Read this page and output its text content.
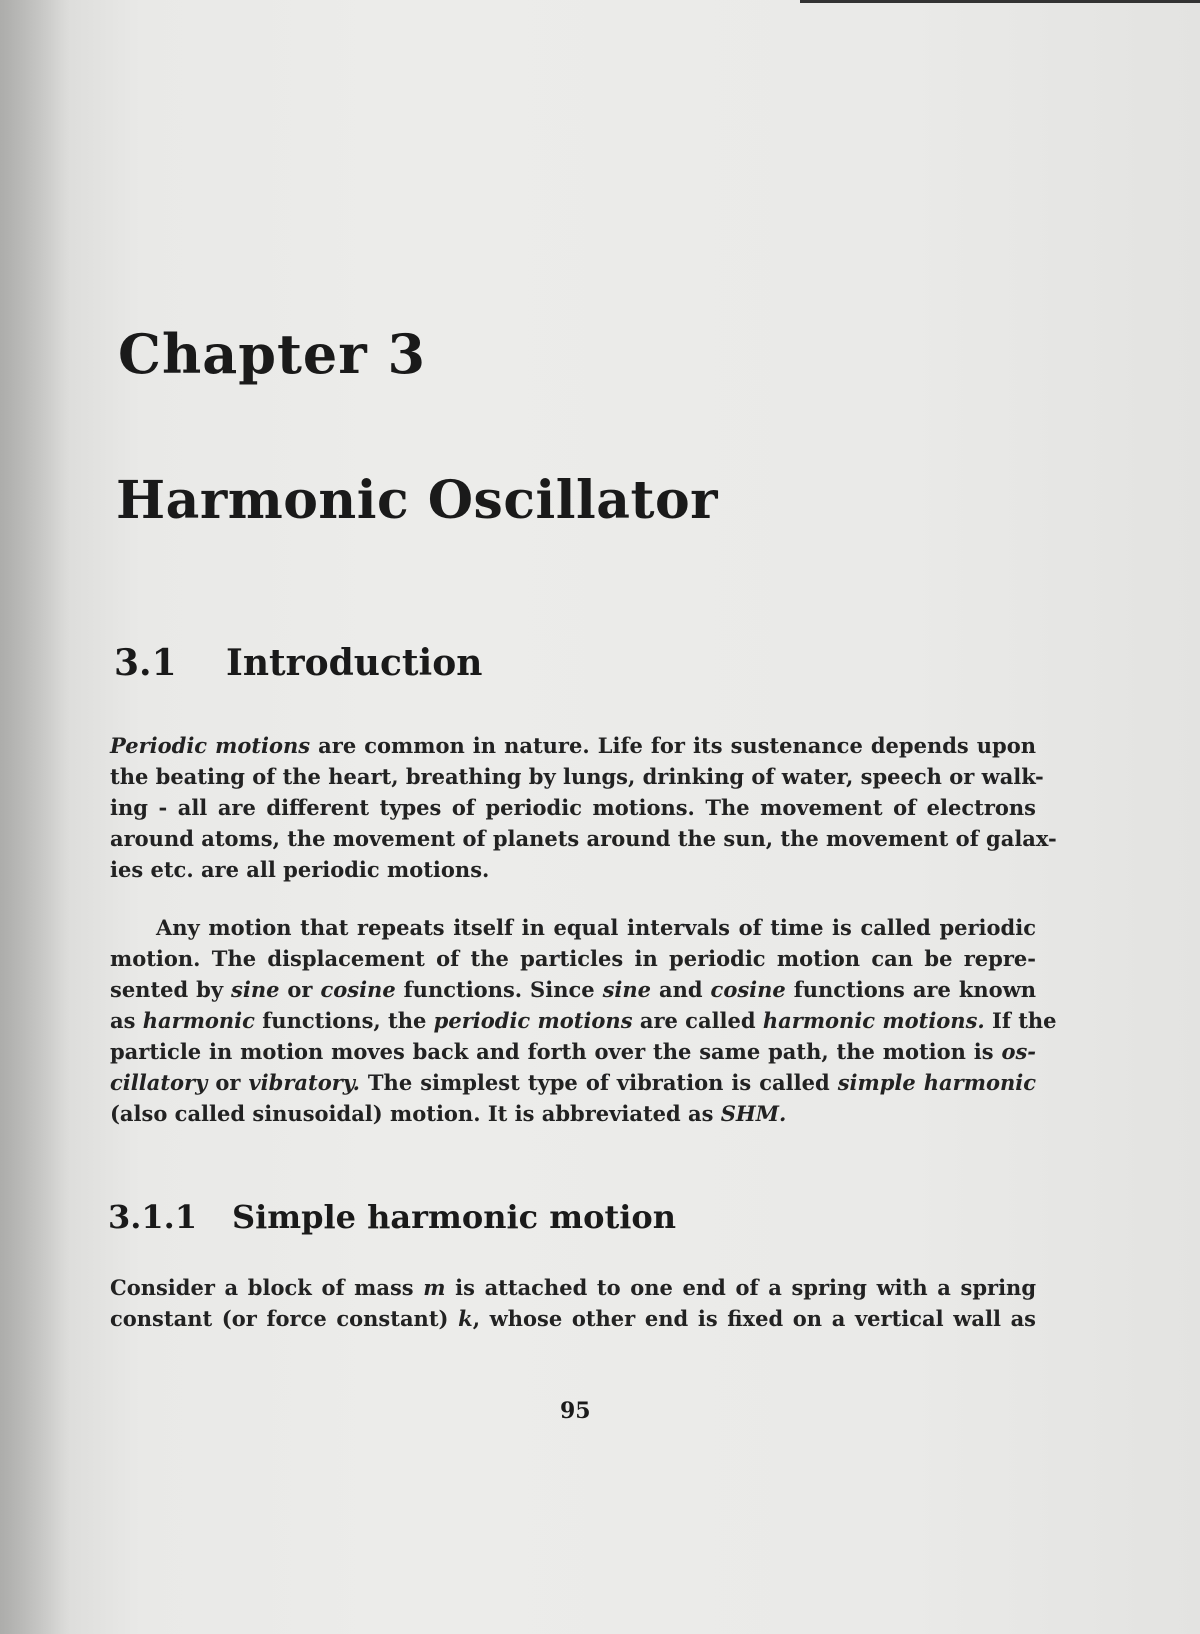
Chapter 3
Harmonic Oscillator
3.1 Introduction
Periodic motions are common in nature. Life for its sustenance depends upon
the beating of the heart, breathing by lungs, drinking of water, speech or walk-
ing - all are different types of periodic motions. The movement of electrons
around atoms, the movement of planets around the sun, the movement of galax-
ies etc. are all periodic motions.
Any motion that repeats itself in equal intervals of time is called periodic
motion. The displacement of the particles in periodic motion can be repre-
sented by sine or cosine functions. Since sine and cosine functions are known
as harmonic functions, the periodic motions are called harmonic motions. If the
particle in motion moves back and forth over the same path, the motion is os-
cillatory or vibratory. The simplest type of vibration is called simple harmonic
(also called sinusoidal) motion. It is abbreviated as SHM.
3.1.1 Simple harmonic motion
Consider a block of mass m is attached to one end of a spring with a spring
constant (or force constant) k, whose other end is fixed on a vertical wall as
95
